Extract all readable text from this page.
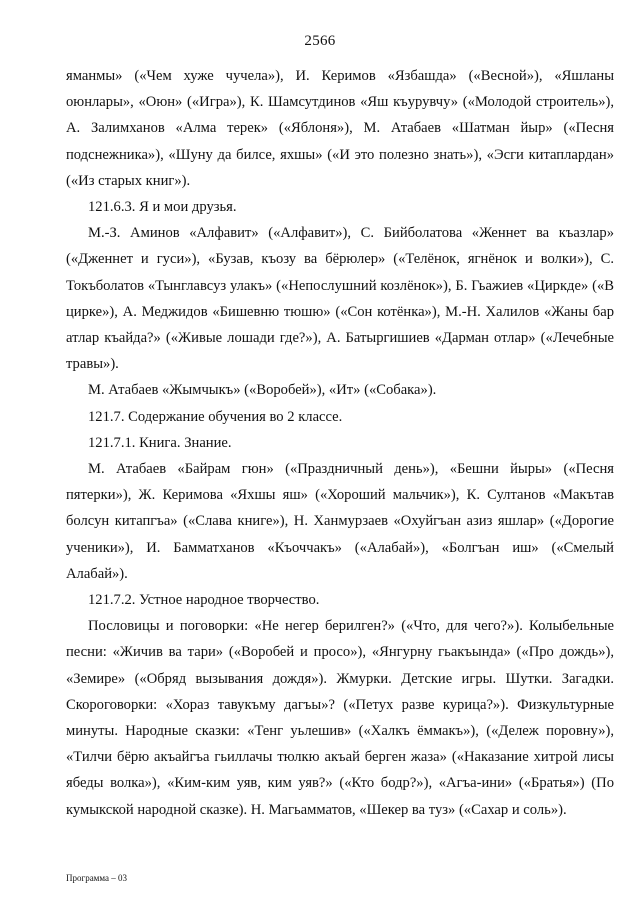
2566

яманмы» («Чем хуже чучела»), И. Керимов «Язбашда» («Весной»), «Яшланы оюнлары», «Оюн» («Игра»), К. Шамсутдинов «Яш къурувчу» («Молодой строитель»), А. Залимханов «Алма терек» («Яблоня»), М. Атабаев «Шатман йыр» («Песня подснежника»), «Шуну да билсе, яхшы» («И это полезно знать»), «Эсги китаплардан» («Из старых книг»).

121.6.3. Я и мои друзья.

М.-З. Аминов «Алфавит» («Алфавит»), С. Бийболатова «Женнет ва къазлар» («Дженнет и гуси»), «Бузав, къозу ва бёрюлер» («Телёнок, ягнёнок и волки»), С. Токъболатов «Тынглавсуз улакъ» («Непослушний козлёнок»), Б. Гьажиев «Циркде» («В цирке»), А. Меджидов «Бишевню тюшю» («Сон котёнка»), М.-Н. Халилов «Жаны бар атлар къайда?» («Живые лошади где?»), А. Батыргишиев «Дарман отлар» («Лечебные травы»).

М. Атабаев «Жымчыкъ» («Воробей»), «Ит» («Собака»).

121.7. Содержание обучения во 2 классе.

121.7.1. Книга. Знание.

М. Атабаев «Байрам гюн» («Праздничный день»), «Бешни йыры» («Песня пятерки»), Ж. Керимова «Яхшы яш» («Хороший мальчик»), К. Султанов «Макътав болсун китапгъа» («Слава книге»), Н. Ханмурзаев «Охуйгъан азиз яшлар» («Дорогие ученики»), И. Бамматханов «Къоччакъ» («Алабай»), «Болгъан иш» («Смелый Алабай»).

121.7.2. Устное народное творчество.

Пословицы и поговорки: «Не негер берилген?» («Что, для чего?»). Колыбельные песни: «Жичив ва тари» («Воробей и просо»), «Янгурну гьакъында» («Про дождь»), «Земире» («Обряд вызывания дождя»). Жмурки. Детские игры. Шутки. Загадки. Скороговорки: «Хораз тавукъму дагъы»? («Петух разве курица?»). Физкультурные минуты. Народные сказки: «Тенг уьлешив» («Халкъ ёммакъ»), («Дележ поровну»), «Тилчи бёрю акъайгъа гьиллачы тюлкю акъай берген жаза» («Наказание хитрой лисы ябеды волка»), «Ким-ким уяв, ким уяв?» («Кто бодр?»), «Агъа-ини» («Братья») (По кумыкской народной сказке). Н. Магьамматов, «Шекер ва туз» («Сахар и соль»).

Программа – 03
